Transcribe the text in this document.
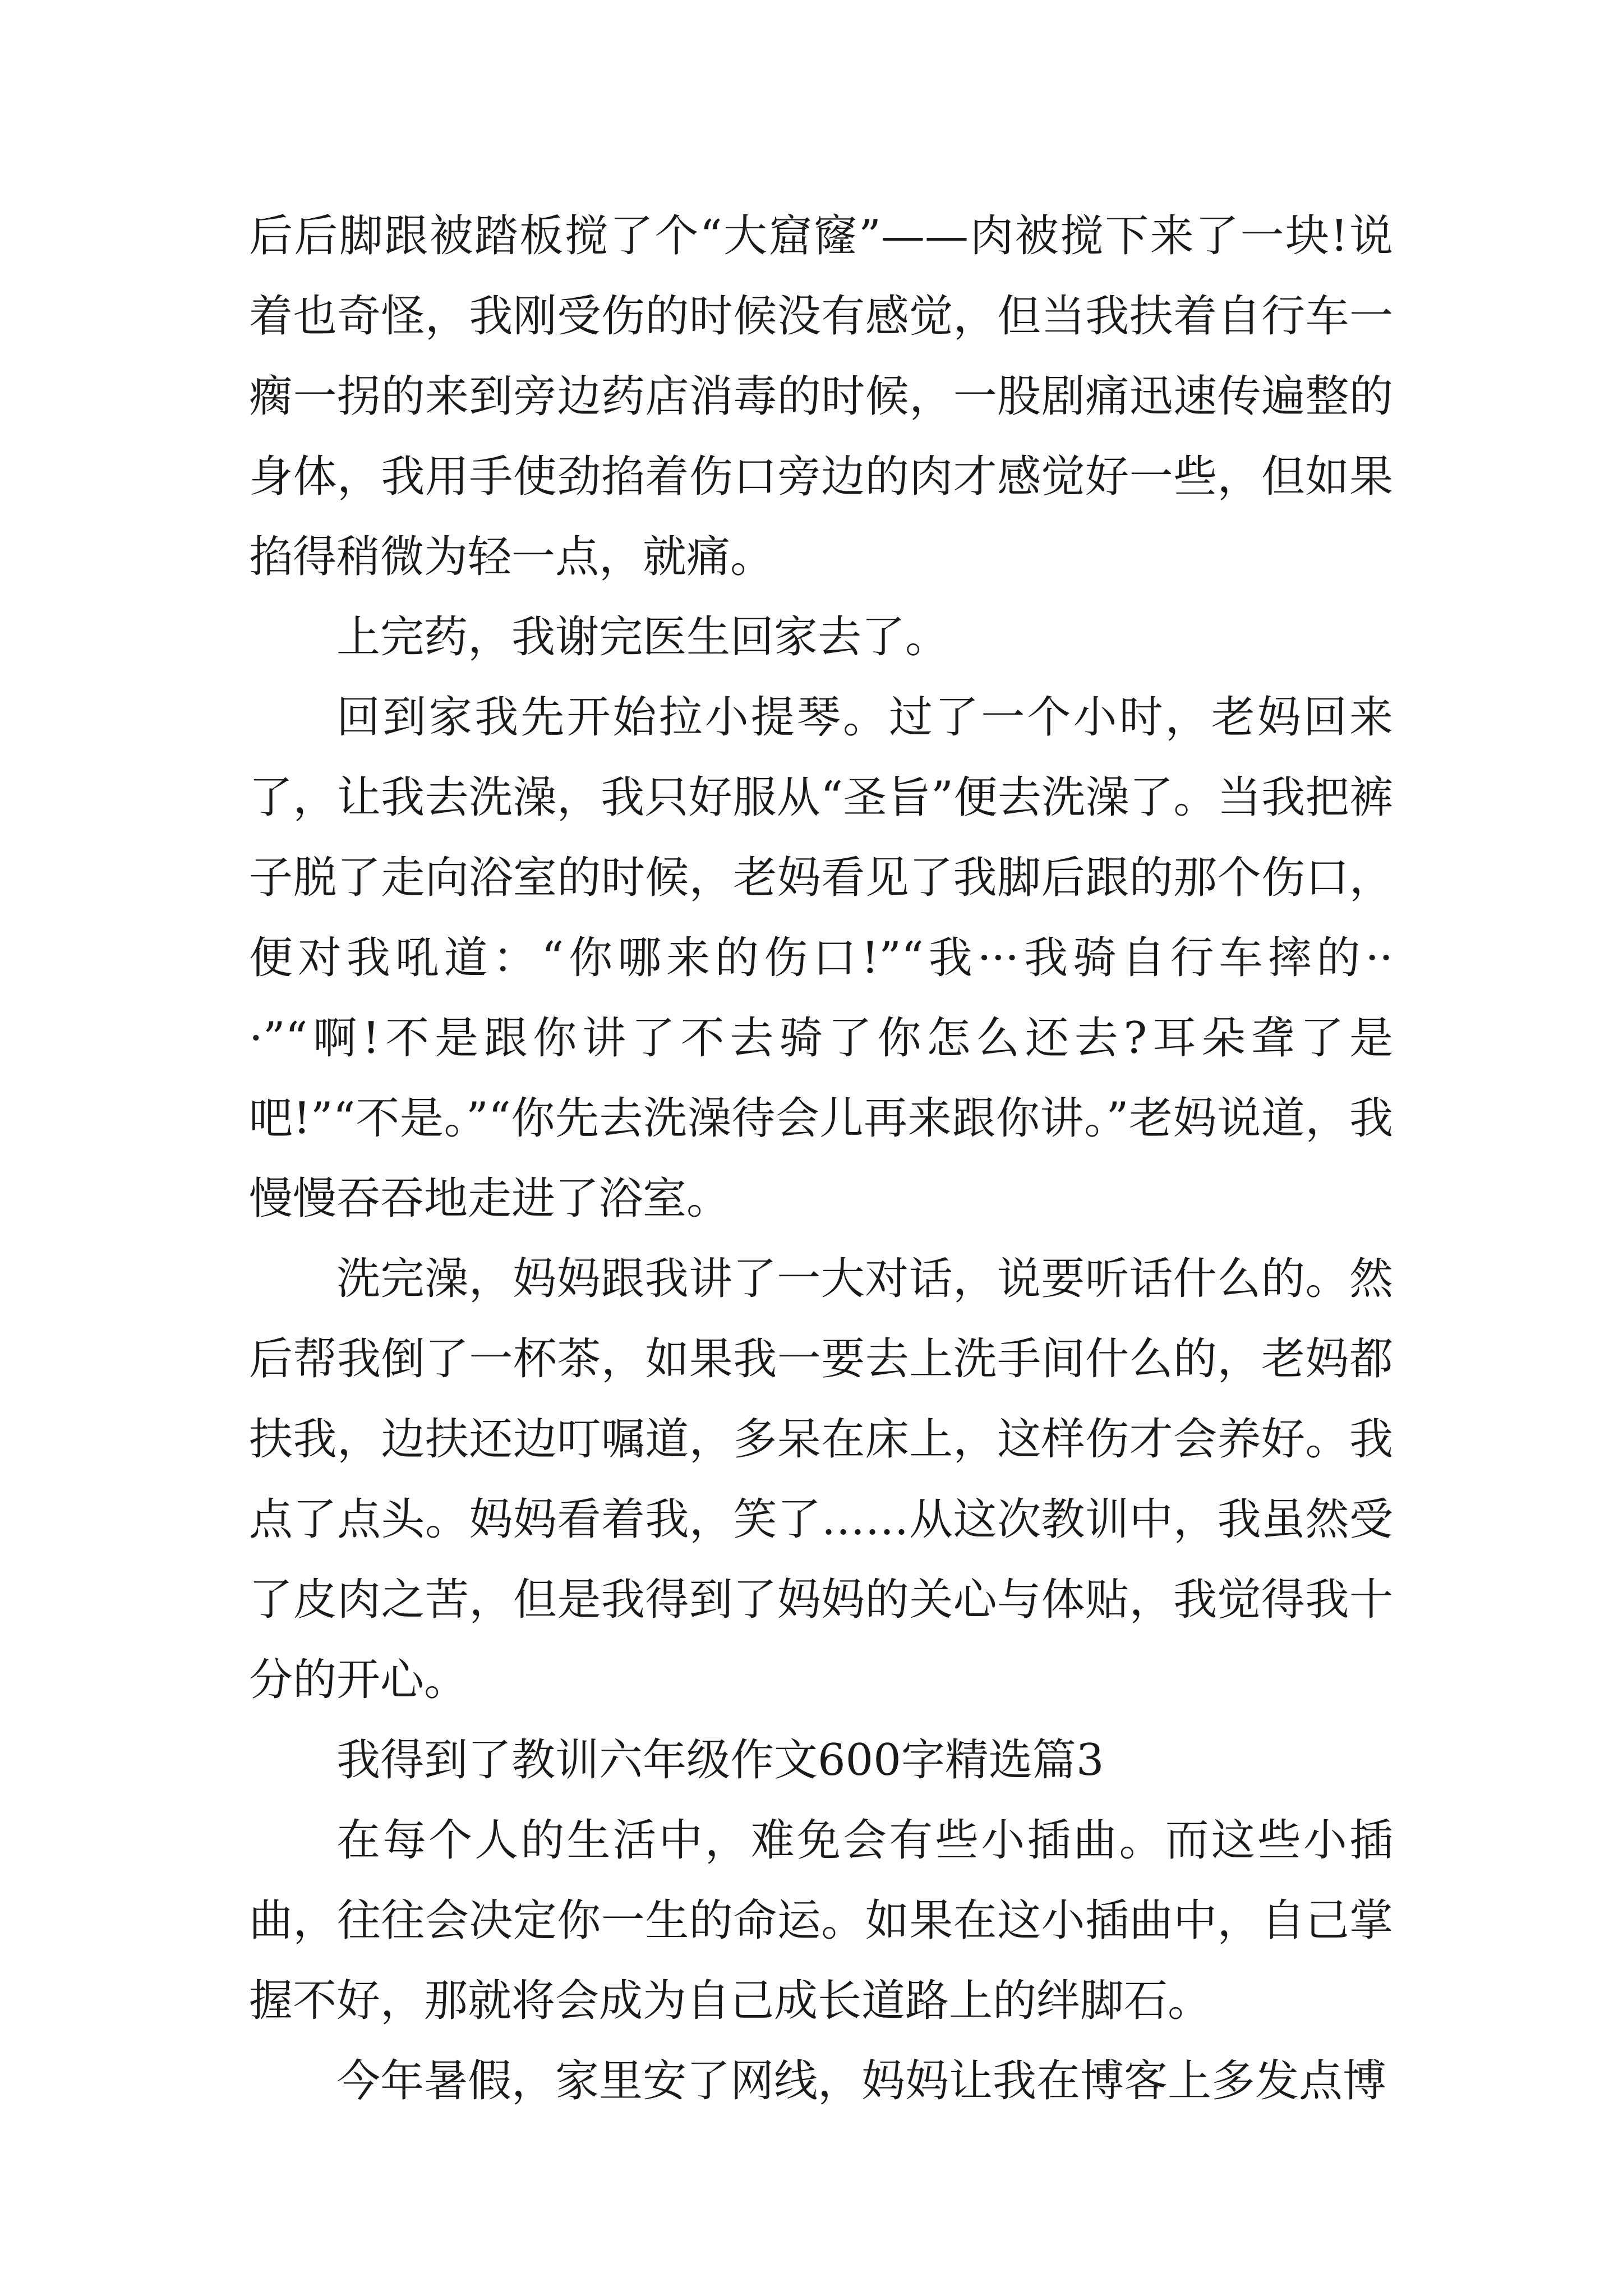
后后脚跟被踏板搅了个“大窟窿”——肉被搅下来了一块!说着也奇怪，我刚受伤的时候没有感觉，但当我扶着自行车一瘸一拐的来到旁边药店消毒的时候，一股剧痛迅速传遍整的身体，我用手使劲掐着伤口旁边的肉才感觉好一些，但如果掐得稍微为轻一点，就痛。

上完药，我谢完医生回家去了。

回到家我先开始拉小提琴。过了一个小时，老妈回来了，让我去洗澡，我只好服从“圣旨”便去洗澡了。当我把裤子脱了走向浴室的时候，老妈看见了我脚后跟的那个伤口，便对我吼道：“你哪来的伤口!”“我···我骑自行车摔的···”“啊!不是跟你讲了不去骑了你怎么还去?耳朵聋了是吧!”“不是。”“你先去洗澡待会儿再来跟你讲。”老妈说道，我慢慢吞吞地走进了浴室。

洗完澡，妈妈跟我讲了一大对话，说要听话什么的。然后帮我倒了一杯茶，如果我一要去上洗手间什么的，老妈都扶我，边扶还边叮嘱道，多呆在床上，这样伤才会养好。我点了点头。妈妈看着我，笑了……从这次教训中，我虽然受了皮肉之苦，但是我得到了妈妈的关心与体贴，我觉得我十分的开心。

我得到了教训六年级作文600字精选篇3

在每个人的生活中，难免会有些小插曲。而这些小插曲，往往会决定你一生的命运。如果在这小插曲中，自己掌握不好，那就将会成为自己成长道路上的绊脚石。

今年暑假，家里安了网线，妈妈让我在博客上多发点博
